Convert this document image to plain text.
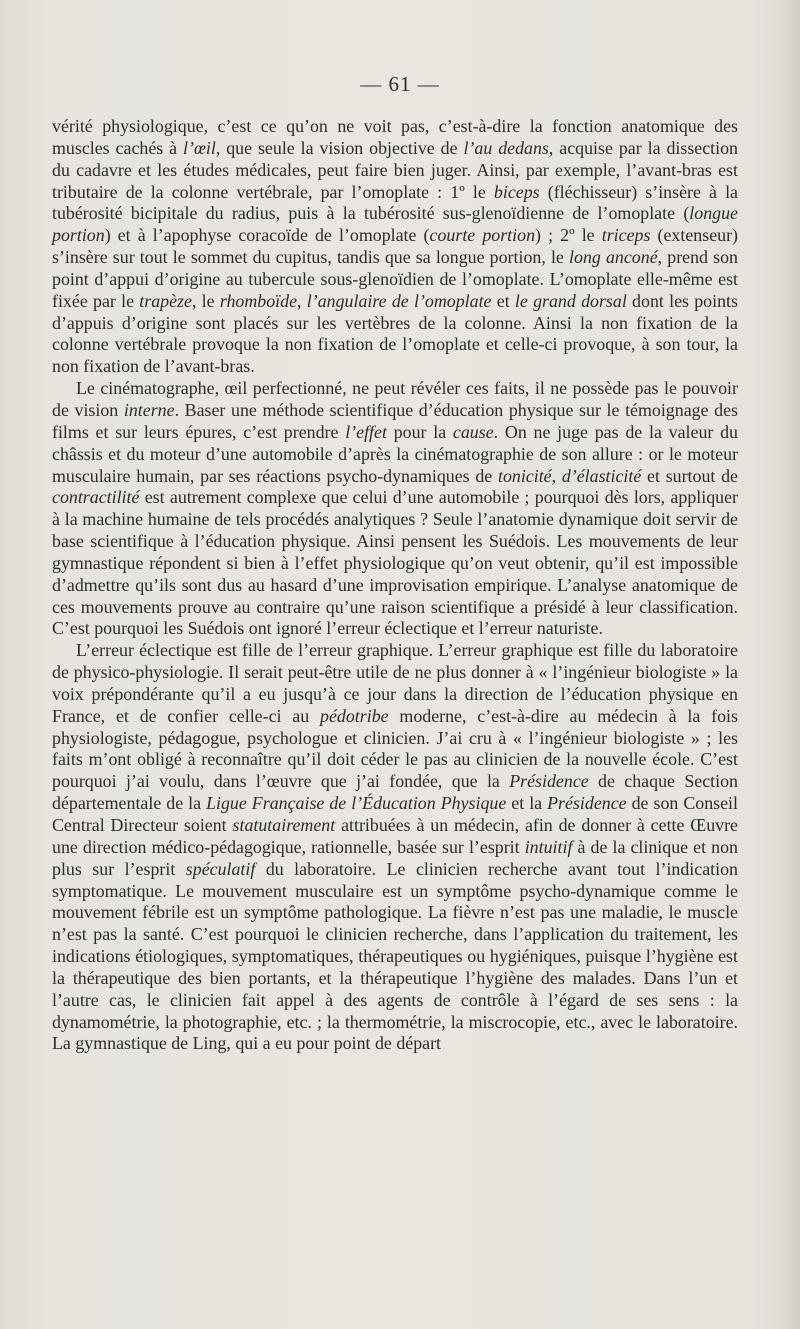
— 61 —

vérité physiologique, c’est ce qu’on ne voit pas, c’est-à-dire la fonction anatomique des muscles cachés à l’œil, que seule la vision objective de l’au dedans, acquise par la dissection du cadavre et les études médicales, peut faire bien juger. Ainsi, par exemple, l’avant-bras est tributaire de la colonne vertébrale, par l’omoplate : 1º le biceps (fléchisseur) s’insère à la tubérosité bicipitale du radius, puis à la tubérosité sus-glenoïdienne de l’omoplate (longue portion) et à l’apophyse coracoïde de l’omoplate (courte portion) ; 2º le triceps (extenseur) s’insère sur tout le sommet du cupitus, tandis que sa longue portion, le long anconé, prend son point d’appui d’origine au tubercule sous-glenoïdien de l’omoplate. L’omoplate elle-même est fixée par le trapèze, le rhomboïde, l’angulaire de l’omoplate et le grand dorsal dont les points d’appuis d’origine sont placés sur les vertèbres de la colonne. Ainsi la non fixation de la colonne vertébrale provoque la non fixation de l’omoplate et celle-ci provoque, à son tour, la non fixation de l’avant-bras.

Le cinématographe, œil perfectionné, ne peut révéler ces faits, il ne possède pas le pouvoir de vision interne. Baser une méthode scientifique d’éducation physique sur le témoignage des films et sur leurs épures, c’est prendre l’effet pour la cause. On ne juge pas de la valeur du châssis et du moteur d’une automobile d’après la cinématographie de son allure : or le moteur musculaire humain, par ses réactions psycho-dynamiques de tonicité, d’élasticité et surtout de contractilité est autrement complexe que celui d’une automobile ; pourquoi dès lors, appliquer à la machine humaine de tels procédés analytiques ? Seule l’anatomie dynamique doit servir de base scientifique à l’éducation physique. Ainsi pensent les Suédois. Les mouvements de leur gymnastique répondent si bien à l’effet physiologique qu’on veut obtenir, qu’il est impossible d’admettre qu’ils sont dus au hasard d’une improvisation empirique. L’analyse anatomique de ces mouvements prouve au contraire qu’une raison scientifique a présidé à leur classification. C’est pourquoi les Suédois ont ignoré l’erreur éclectique et l’erreur naturiste.

L’erreur éclectique est fille de l’erreur graphique. L’erreur graphique est fille du laboratoire de physico-physiologie. Il serait peut-être utile de ne plus donner à « l’ingénieur biologiste » la voix prépondérante qu’il a eu jusqu’à ce jour dans la direction de l’éducation physique en France, et de confier celle-ci au pédotribe moderne, c’est-à-dire au médecin à la fois physiologiste, pédagogue, psychologue et clinicien. J’ai cru à « l’ingénieur biologiste » ; les faits m’ont obligé à reconnaître qu’il doit céder le pas au clinicien de la nouvelle école. C’est pourquoi j’ai voulu, dans l’œuvre que j’ai fondée, que la Présidence de chaque Section départementale de la Ligue Française de l’Éducation Physique et la Présidence de son Conseil Central Directeur soient statutairement attribuées à un médecin, afin de donner à cette Œuvre une direction médico-pédagogique, rationnelle, basée sur l’esprit intuitif à de la clinique et non plus sur l’esprit spéculatif du laboratoire. Le clinicien recherche avant tout l’indication symptomatique. Le mouvement musculaire est un symptôme psycho-dynamique comme le mouvement fébrile est un symptôme pathologique. La fièvre n’est pas une maladie, le muscle n’est pas la santé. C’est pourquoi le clinicien recherche, dans l’application du traitement, les indications étiologiques, symptomatiques, thérapeutiques ou hygiéniques, puisque l’hygiène est la thérapeutique des bien portants, et la thérapeutique l’hygiène des malades. Dans l’un et l’autre cas, le clinicien fait appel à des agents de contrôle à l’égard de ses sens : la dynamométrie, la photographie, etc. ; la thermométrie, la miscrocopie, etc., avec le laboratoire. La gymnastique de Ling, qui a eu pour point de départ
